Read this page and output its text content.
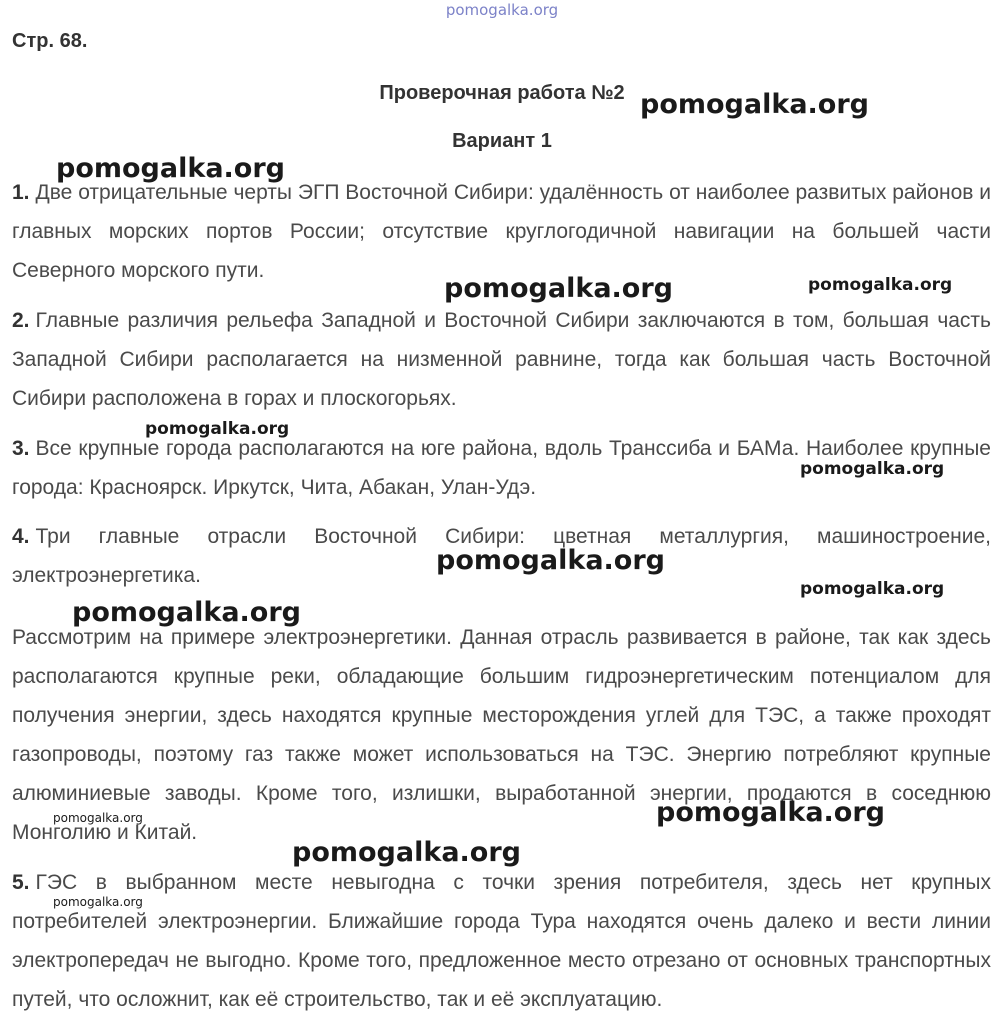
pomogalka.org
Стр. 68.
Проверочная работа №2
Вариант 1
1. Две отрицательные черты ЭГП Восточной Сибири: удалённость от наиболее развитых районов и главных морских портов России; отсутствие круглогодичной навигации на большей части Северного морского пути.
2. Главные различия рельефа Западной и Восточной Сибири заключаются в том, большая часть Западной Сибири располагается на низменной равнине, тогда как большая часть Восточной Сибири расположена в горах и плоскогорьях.
3. Все крупные города располагаются на юге района, вдоль Транссиба и БАМа. Наиболее крупные города: Красноярск. Иркутск, Чита, Абакан, Улан-Удэ.
4. Три главные отрасли Восточной Сибири: цветная металлургия, машиностроение, электроэнергетика.
Рассмотрим на примере электроэнергетики. Данная отрасль развивается в районе, так как здесь располагаются крупные реки, обладающие большим гидроэнергетическим потенциалом для получения энергии, здесь находятся крупные месторождения углей для ТЭС, а также проходят газопроводы, поэтому газ также может использоваться на ТЭС. Энергию потребляют крупные алюминиевые заводы. Кроме того, излишки, выработанной энергии, продаются в соседнюю Монголию и Китай.
5. ГЭС в выбранном месте невыгодна с точки зрения потребителя, здесь нет крупных потребителей электроэнергии. Ближайшие города Тура находятся очень далеко и вести линии электропередач не выгодно. Кроме того, предложенное место отрезано от основных транспортных путей, что осложнит, как её строительство, так и её эксплуатацию.
pomogalka.org
pomogalka.org
pomogalka.org	pomogalka.org
pomogalka.org
pomogalka.org
pomogalka.org
pomogalka.org
pomogalka.org
pomogalka.org
pomogalka.org
pomogalka.org
pomogalka.org
